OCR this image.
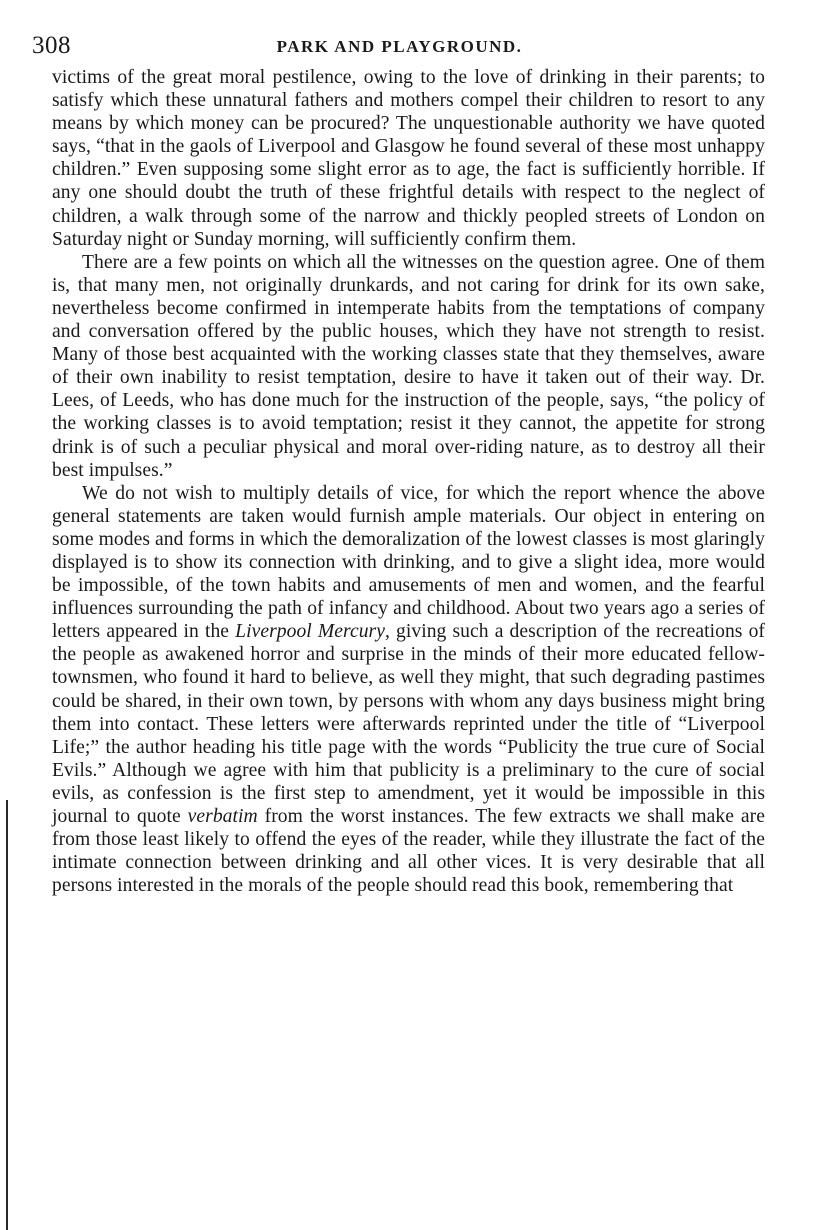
308	PARK AND PLAYGROUND.

victims of the great moral pestilence, owing to the love of drinking in their parents; to satisfy which these unnatural fathers and mothers compel their children to resort to any means by which money can be procured? The unquestionable authority we have quoted says, “that in the gaols of Liverpool and Glasgow he found several of these most unhappy children.” Even supposing some slight error as to age, the fact is sufficiently horrible. If any one should doubt the truth of these frightful details with respect to the neglect of children, a walk through some of the narrow and thickly peopled streets of London on Saturday night or Sunday morning, will sufficiently confirm them.

There are a few points on which all the witnesses on the question agree. One of them is, that many men, not originally drunkards, and not caring for drink for its own sake, nevertheless become confirmed in intemperate habits from the temptations of company and conversation offered by the public houses, which they have not strength to resist. Many of those best acquainted with the working classes state that they themselves, aware of their own inability to resist temptation, desire to have it taken out of their way. Dr. Lees, of Leeds, who has done much for the instruction of the people, says, “the policy of the working classes is to avoid temptation; resist it they cannot, the appetite for strong drink is of such a peculiar physical and moral over-riding nature, as to destroy all their best impulses.”

We do not wish to multiply details of vice, for which the report whence the above general statements are taken would furnish ample materials. Our object in entering on some modes and forms in which the demoralization of the lowest classes is most glaringly displayed is to show its connection with drinking, and to give a slight idea, more would be impossible, of the town habits and amusements of men and women, and the fearful influences surrounding the path of infancy and childhood. About two years ago a series of letters appeared in the Liverpool Mercury, giving such a description of the recreations of the people as awakened horror and surprise in the minds of their more educated fellow-townsmen, who found it hard to believe, as well they might, that such degrading pastimes could be shared, in their own town, by persons with whom any days business might bring them into contact. These letters were afterwards reprinted under the title of “Liverpool Life;” the author heading his title page with the words “Publicity the true cure of Social Evils.” Although we agree with him that publicity is a preliminary to the cure of social evils, as confession is the first step to amendment, yet it would be impossible in this journal to quote verbatim from the worst instances. The few extracts we shall make are from those least likely to offend the eyes of the reader, while they illustrate the fact of the intimate connection between drinking and all other vices. It is very desirable that all persons interested in the morals of the people should read this book, remembering that
